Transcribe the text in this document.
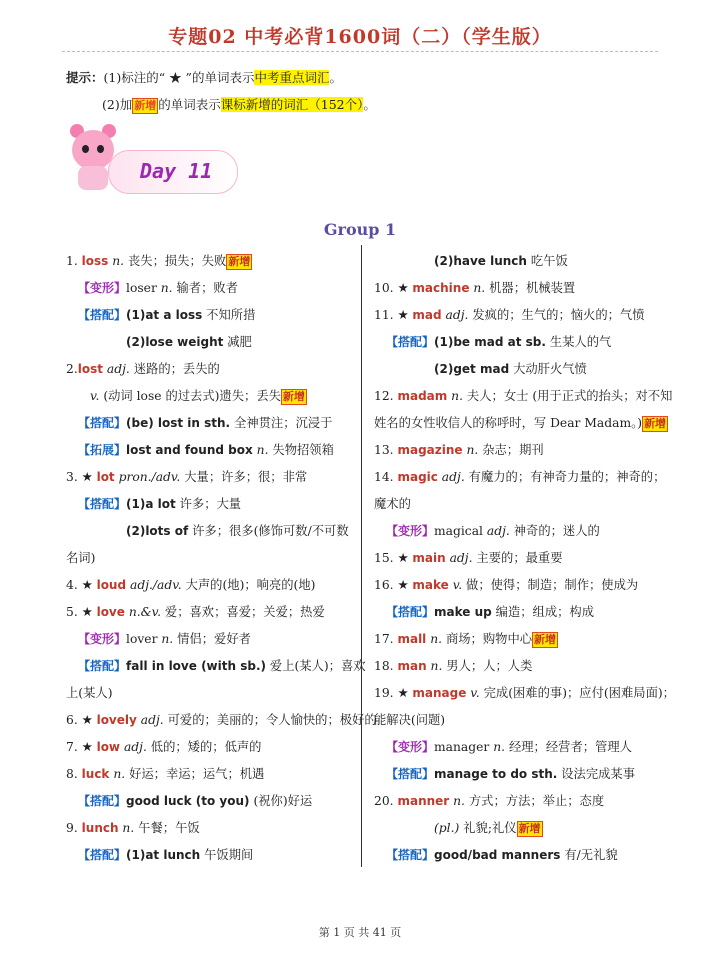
专题02 中考必背1600词（二）（学生版）
提示：(1)标注的“ ★ ”的单词表示中考重点词汇。
(2)加 新增 的单词表示课标新增的词汇（152个）。
Day 11
Group 1
1. loss n. 丧失；损失；失败 新增
【变形】loser n. 输者；败者
【搭配】(1)at a loss 不知所措
(2)lose weight 减肥
2.lost adj. 迷路的；丢失的
v. (动词 lose 的过去式)遗失；丢失 新增
【搭配】(be) lost in sth. 全神贯注；沉浸于
【拓展】lost and found box n. 失物招领箱
3. ★ lot pron./adv. 大量；许多；很；非常
【搭配】(1)a lot 许多；大量
(2)lots of 许多；很多(修饰可数/不可数
名词)
4. ★ loud adj./adv. 大声的(地)；响亮的(地)
5. ★ love n.&v. 爱；喜欢；喜爱；关爱；热爱
【变形】lover n. 情侣；爱好者
【搭配】fall in love (with sb.) 爱上(某人)；喜欢
上(某人)
6. ★ lovely adj. 可爱的；美丽的；令人愉快的；极好的
7. ★ low adj. 低的；矮的；低声的
8. luck n. 好运；幸运；运气；机遇
【搭配】good luck (to you) (祝你)好运
9. lunch n. 午餐；午饭
【搭配】(1)at lunch 午饭期间
(2)have lunch 吃午饭
10. ★ machine n. 机器；机械装置
11. ★ mad adj. 发疯的；生气的；恼火的；气愤
【搭配】(1)be mad at sb. 生某人的气
(2)get mad 大动肝火气愤
12. madam n. 夫人；女士 (用于正式的抬头；对不知
姓名的女性收信人的称呼时，写 Dear Madam。) 新增
13. magazine n. 杂志；期刊
14. magic adj. 有魔力的；有神奇力量的；神奇的；
魔术的
【变形】magical adj. 神奇的；迷人的
15. ★ main adj. 主要的；最重要
16. ★ make v. 做；使得；制造；制作；使成为
【搭配】make up 编造；组成；构成
17. mall n. 商场；购物中心 新增
18. man n. 男人；人；人类
19. ★ manage v. 完成(困难的事)；应付(困难局面)；
能解决(问题)
【变形】manager n. 经理；经营者；管理人
【搭配】manage to do sth. 设法完成某事
20. manner n. 方式；方法；举止；态度
(pl.) 礼貌;礼仪 新增
【搭配】good/bad manners 有/无礼貌
第 1 页 共 41 页
